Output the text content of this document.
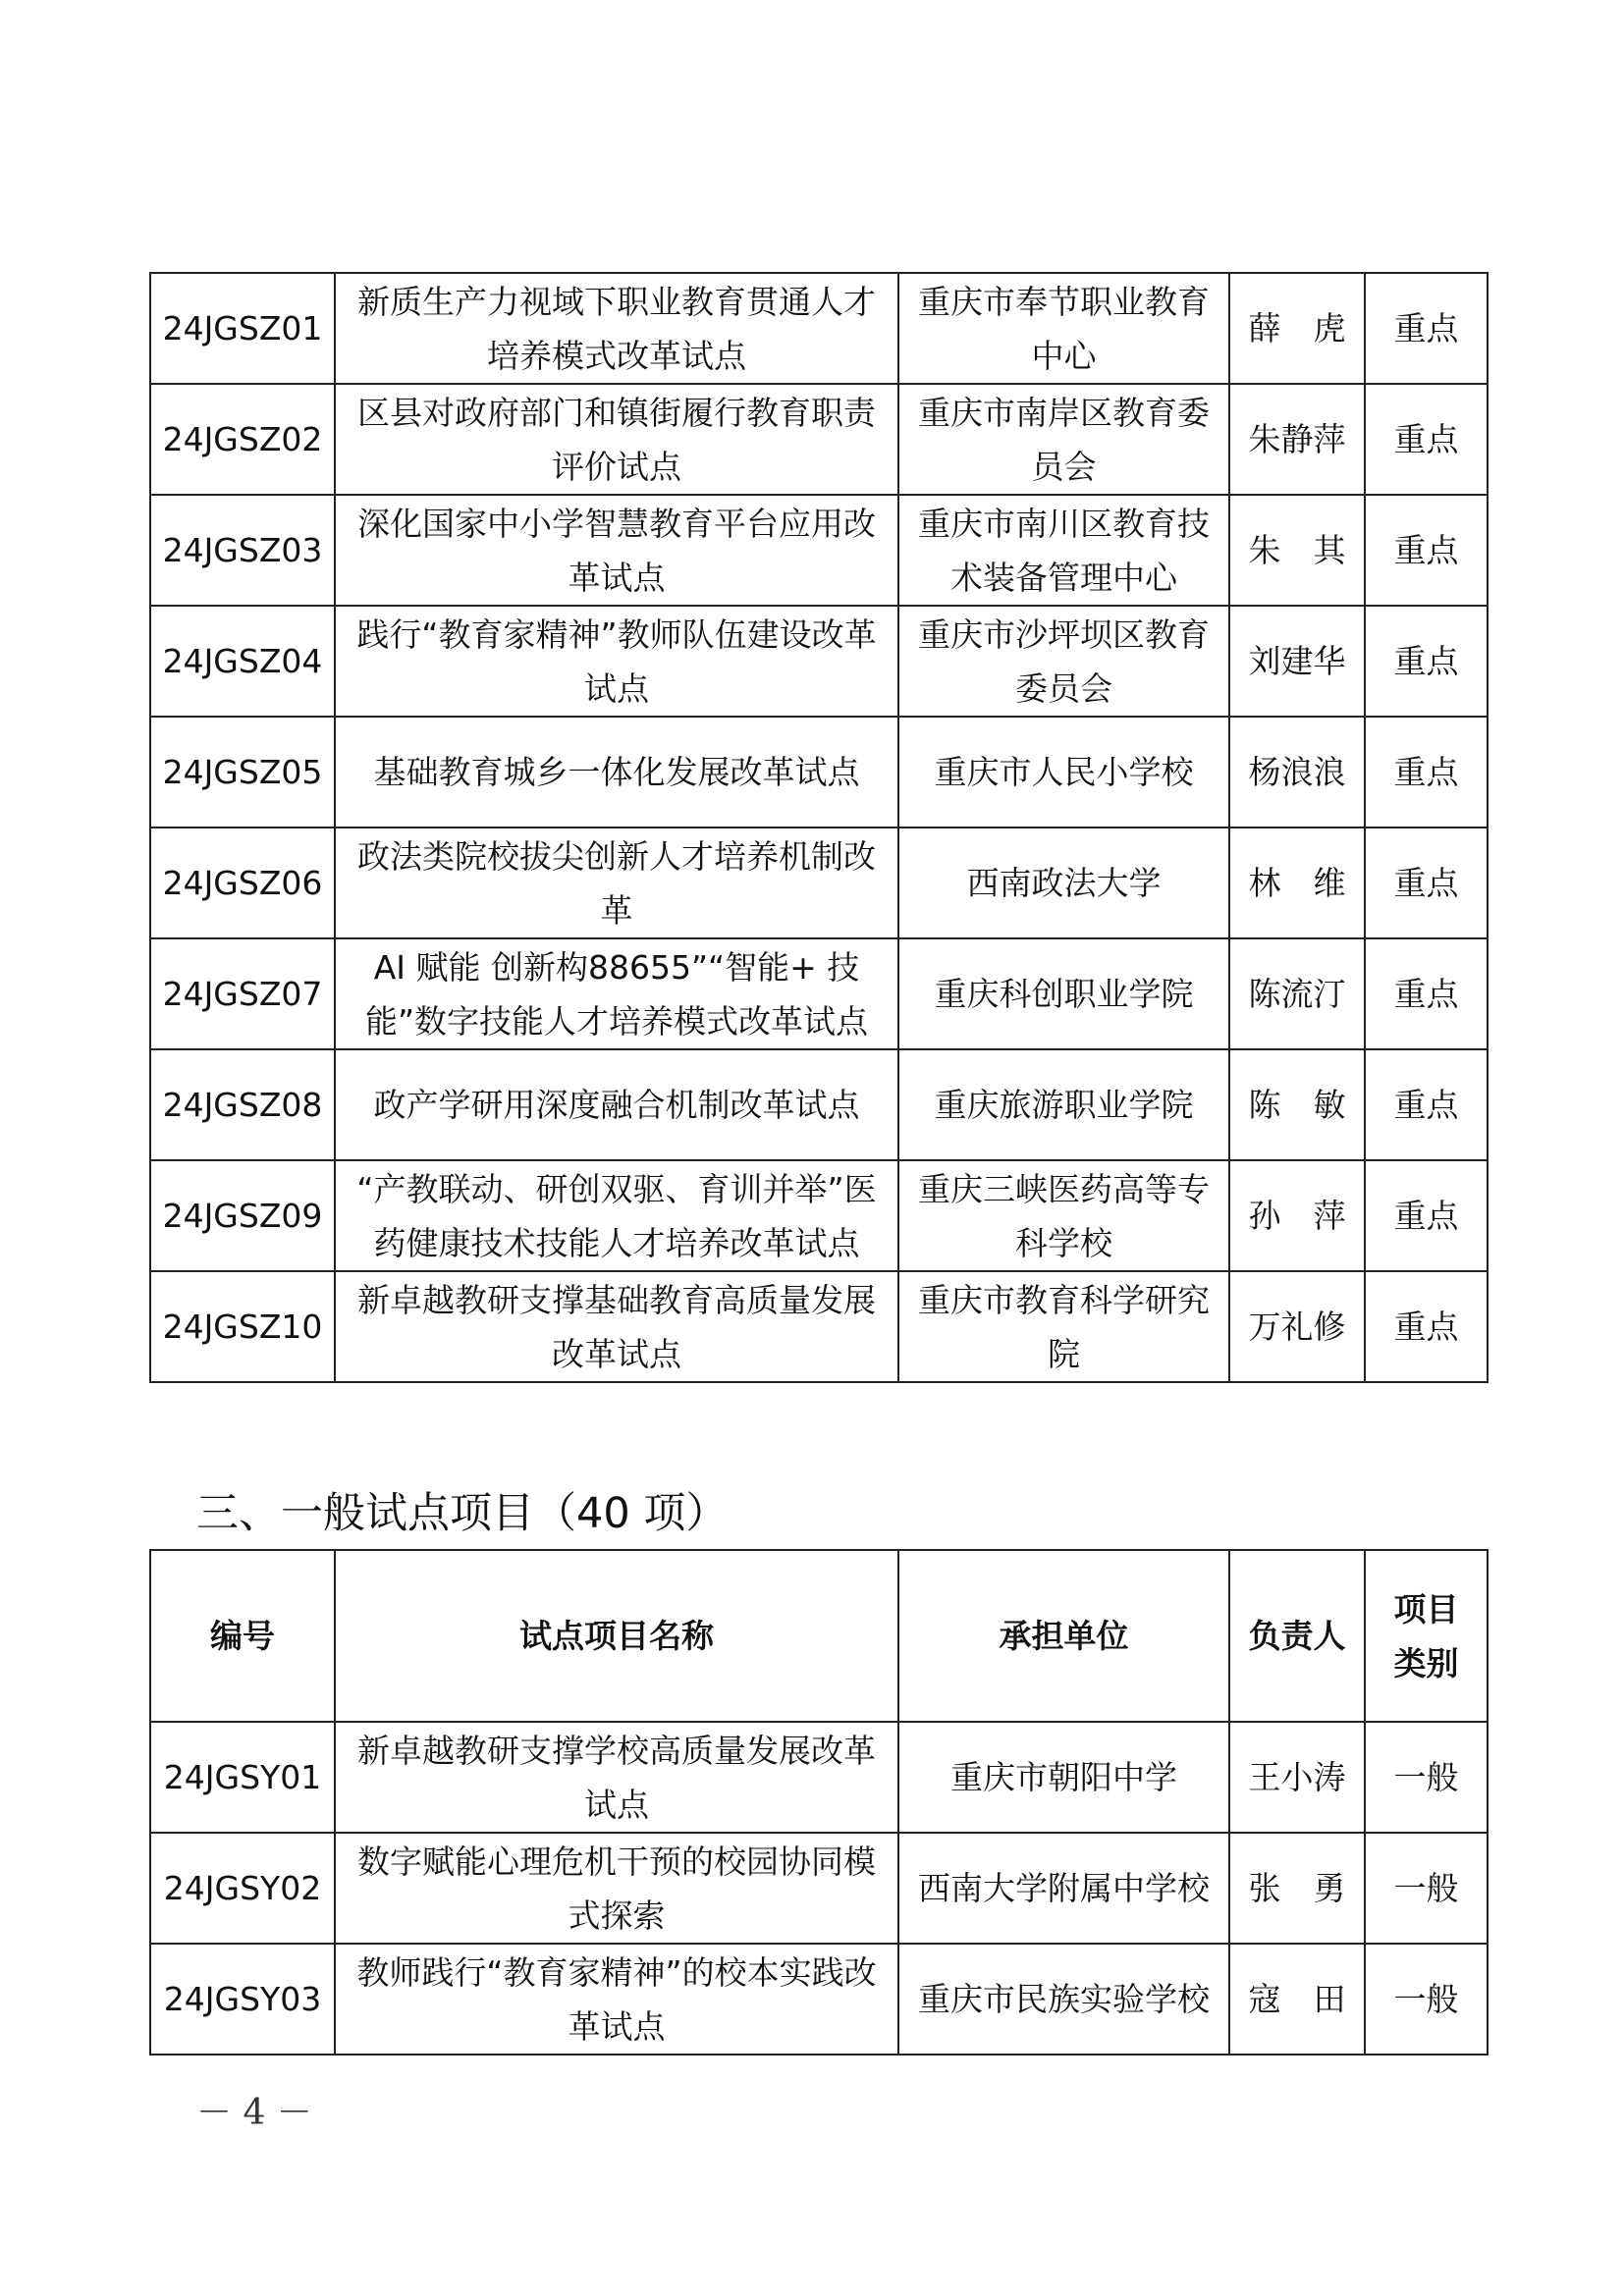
24JGSZ01	新质生产力视域下职业教育贯通人才培养模式改革试点	重庆市奉节职业教育中心	薛　虎	重点
24JGSZ02	区县对政府部门和镇街履行教育职责评价试点	重庆市南岸区教育委员会	朱静萍	重点
24JGSZ03	深化国家中小学智慧教育平台应用改革试点	重庆市南川区教育技术装备管理中心	朱　其	重点
24JGSZ04	践行“教育家精神”教师队伍建设改革试点	重庆市沙坪坝区教育委员会	刘建华	重点
24JGSZ05	基础教育城乡一体化发展改革试点	重庆市人民小学校	杨浪浪	重点
24JGSZ06	政法类院校拔尖创新人才培养机制改革	西南政法大学	林　维	重点
24JGSZ07	AI 赋能 创新构88655”“智能+ 技能”数字技能人才培养模式改革试点	重庆科创职业学院	陈流汀	重点
24JGSZ08	政产学研用深度融合机制改革试点	重庆旅游职业学院	陈　敏	重点
24JGSZ09	“产教联动、研创双驱、育训并举”医药健康技术技能人才培养改革试点	重庆三峡医药高等专科学校	孙　萍	重点
24JGSZ10	新卓越教研支撑基础教育高质量发展改革试点	重庆市教育科学研究院	万礼修	重点
三、一般试点项目（40 项）
编号	试点项目名称	承担单位	负责人	项目
类别
24JGSY01	新卓越教研支撑学校高质量发展改革试点	重庆市朝阳中学	王小涛	一般
24JGSY02	数字赋能心理危机干预的校园协同模式探索	西南大学附属中学校	张　勇	一般
24JGSY03	教师践行“教育家精神”的校本实践改革试点	重庆市民族实验学校	寇　田	一般
－ 4 －
